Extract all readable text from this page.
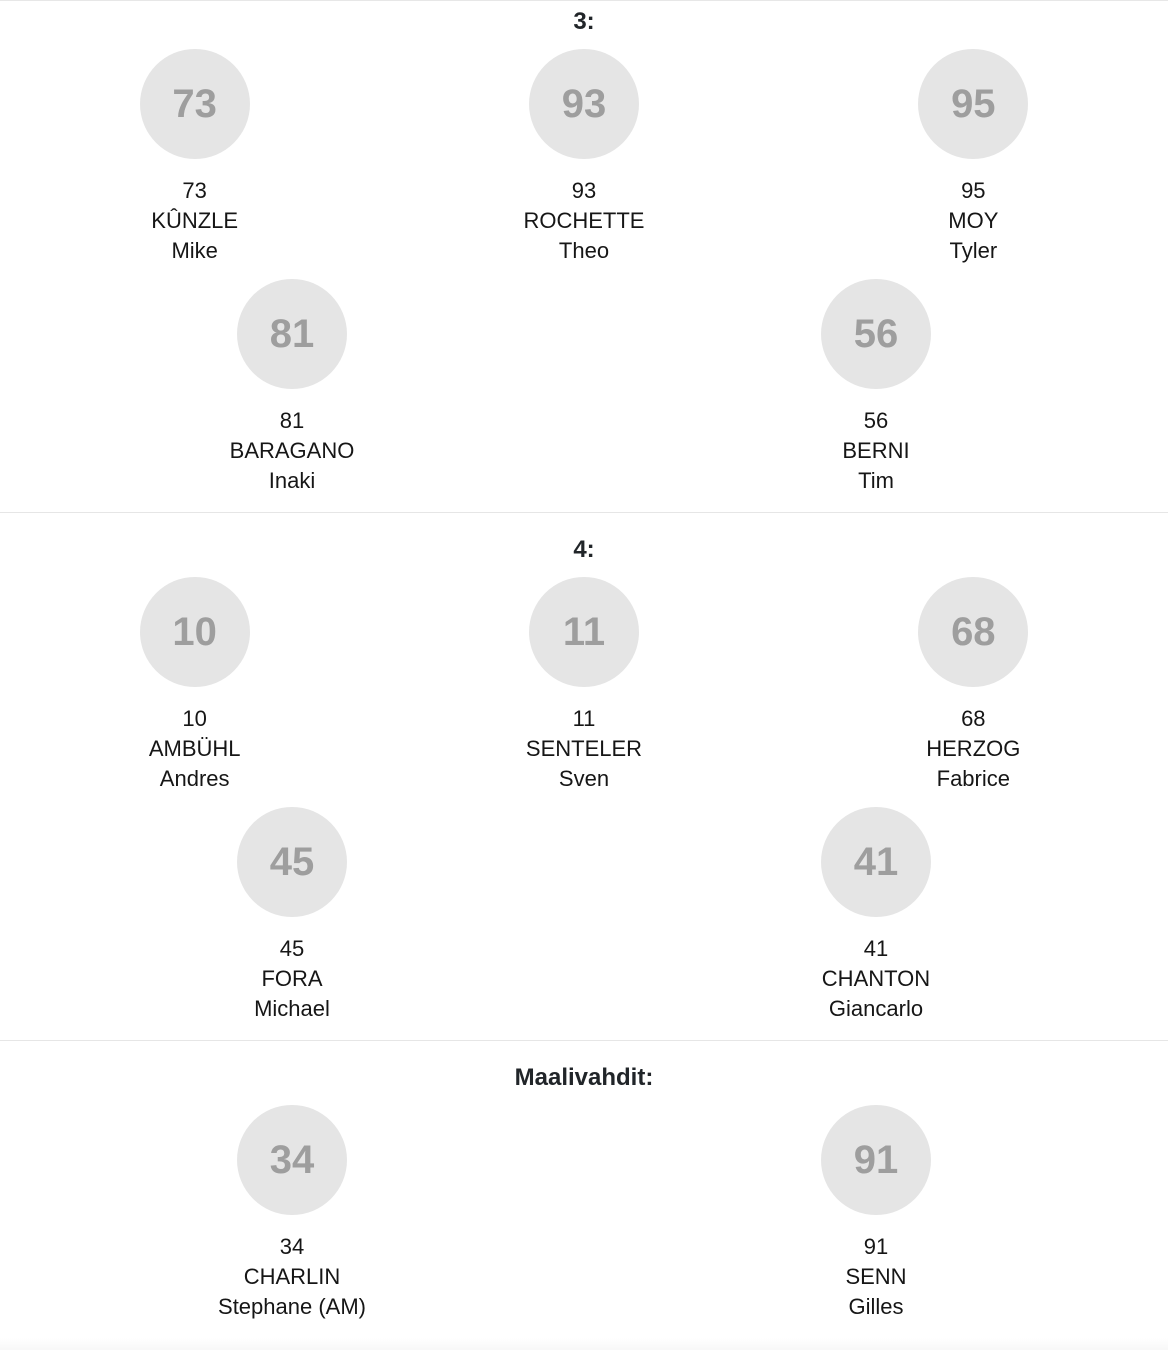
3:
73
73
KÛNZLE
Mike
93
93
ROCHETTE
Theo
95
95
MOY
Tyler
81
81
BARAGANO
Inaki
56
56
BERNI
Tim
4:
10
10
AMBÜHL
Andres
11
11
SENTELER
Sven
68
68
HERZOG
Fabrice
45
45
FORA
Michael
41
41
CHANTON
Giancarlo
Maalivahdit:
34
34
CHARLIN
Stephane (AM)
91
91
SENN
Gilles
